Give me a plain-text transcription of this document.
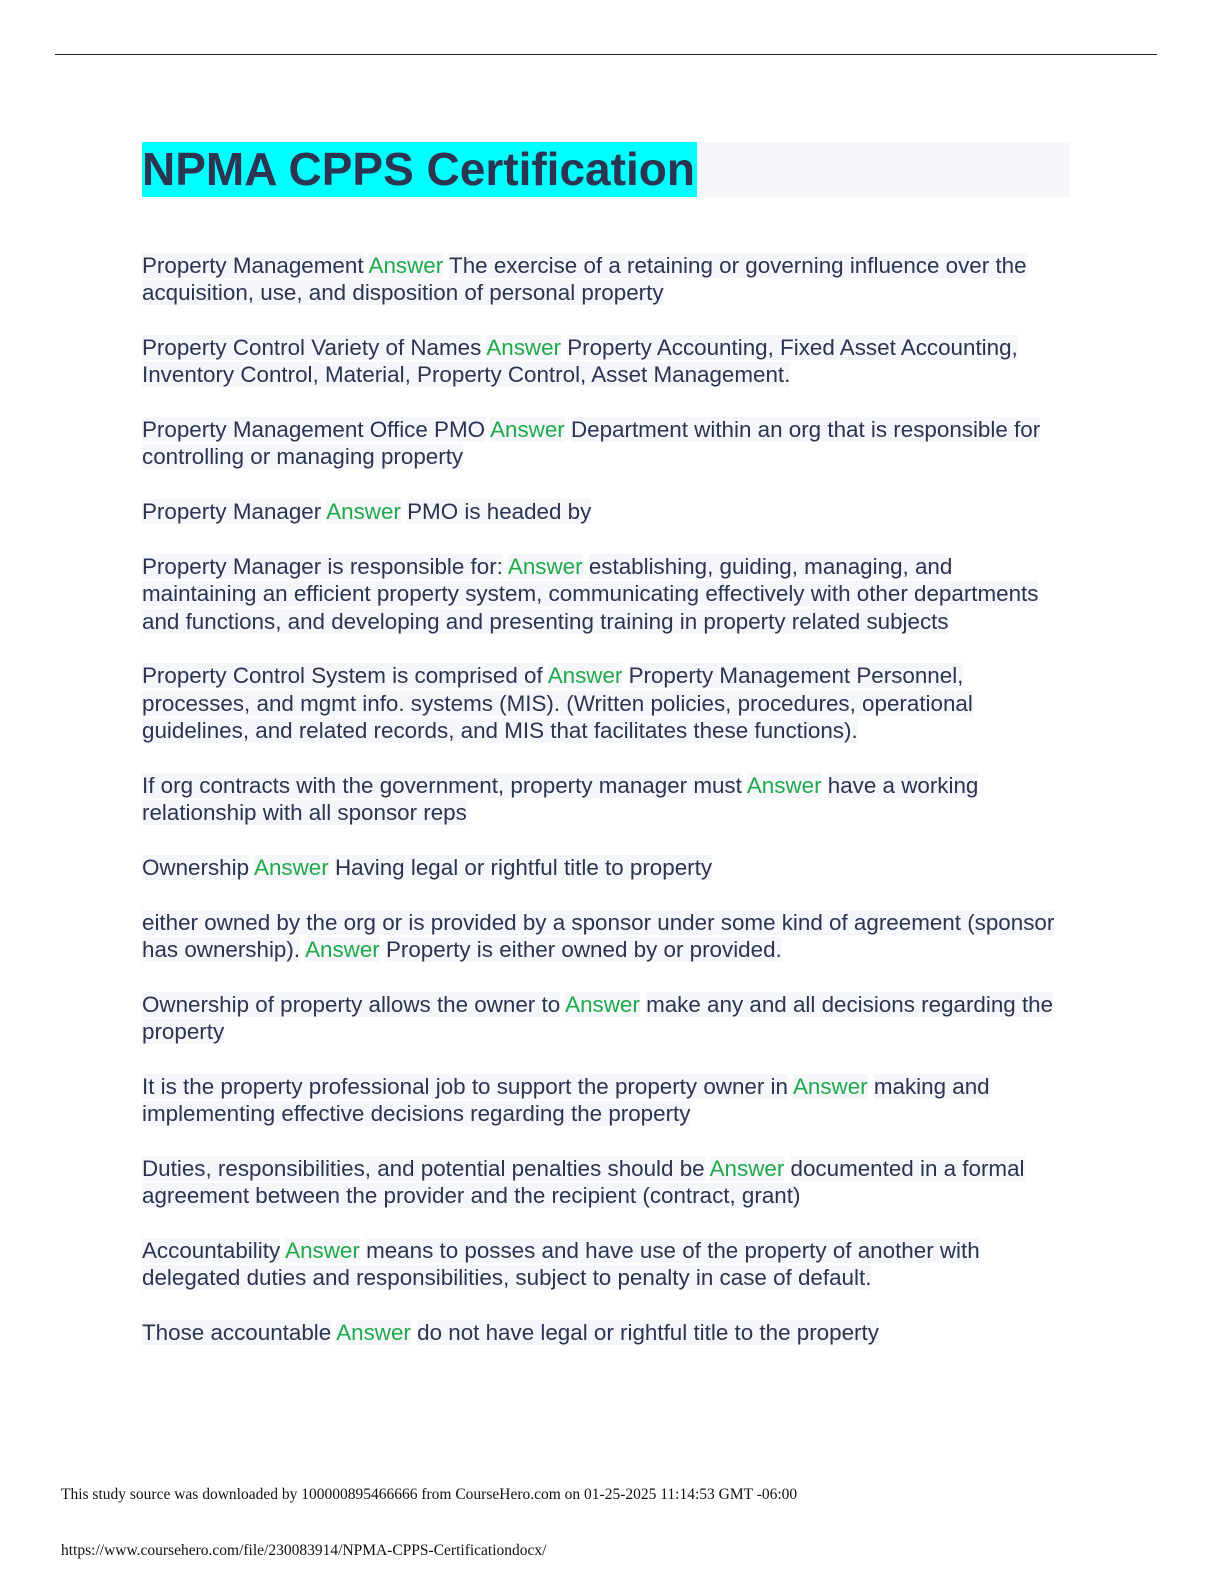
NPMA CPPS Certification

Property Management Answer The exercise of a retaining or governing influence over the acquisition, use, and disposition of personal property

Property Control Variety of Names Answer Property Accounting, Fixed Asset Accounting, Inventory Control, Material, Property Control, Asset Management.

Property Management Office PMO Answer Department within an org that is responsible for controlling or managing property

Property Manager Answer PMO is headed by

Property Manager is responsible for: Answer establishing, guiding, managing, and maintaining an efficient property system, communicating effectively with other departments and functions, and developing and presenting training in property related subjects

Property Control System is comprised of Answer Property Management Personnel, processes, and mgmt info. systems (MIS). (Written policies, procedures, operational guidelines, and related records, and MIS that facilitates these functions).

If org contracts with the government, property manager must Answer have a working relationship with all sponsor reps

Ownership Answer Having legal or rightful title to property

either owned by the org or is provided by a sponsor under some kind of agreement (sponsor has ownership). Answer Property is either owned by or provided.

Ownership of property allows the owner to Answer make any and all decisions regarding the property

It is the property professional job to support the property owner in Answer making and implementing effective decisions regarding the property

Duties, responsibilities, and potential penalties should be Answer documented in a formal agreement between the provider and the recipient (contract, grant)

Accountability Answer means to posses and have use of the property of another with delegated duties and responsibilities, subject to penalty in case of default.

Those accountable Answer do not have legal or rightful title to the property

This study source was downloaded by 100000895466666 from CourseHero.com on 01-25-2025 11:14:53 GMT -06:00
https://www.coursehero.com/file/230083914/NPMA-CPPS-Certificationdocx/
